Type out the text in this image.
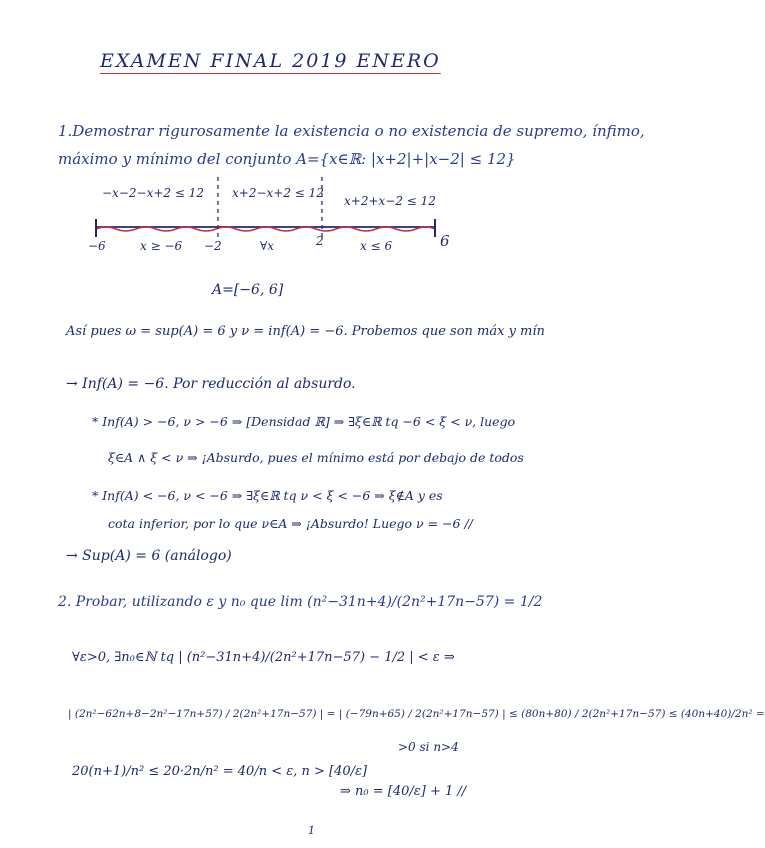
EXAMEN FINAL 2019 ENERO
1.Demostrar rigurosamente la existencia o no existencia de supremo, ínfimo,
máximo y mínimo del conjunto A={x∈ℝ: |x+2|+|x−2| ≤ 12}
−x−2−x+2 ≤ 12 x+2−x+2 ≤ 12
x+2+x−2 ≤ 12
−6	−2	2	6
x ≥ −6	∀x	x ≤ 6
A=[−6, 6]
Así pues ω = sup(A) = 6 y ν = inf(A) = −6. Probemos que son máx y mín
→ Inf(A) = −6. Por reducción al absurdo.
* Inf(A) > −6, ν > −6 ⇒ [Densidad ℝ] ⇒ ∃ξ∈ℝ tq −6 < ξ < ν, luego
ξ∈A ∧ ξ < ν ⇒ ¡Absurdo, pues el mínimo está por debajo de todos
* Inf(A) < −6, ν < −6 ⇒ ∃ξ∈ℝ tq ν < ξ < −6 ⇒ ξ∉A y es
cota inferior, por lo que ν∈A ⇒ ¡Absurdo! Luego ν = −6 //
→ Sup(A) = 6 (análogo)
2. Probar, utilizando ε y n₀ que lim (n²−31n+4)/(2n²+17n−57) = 1/2
∀ε>0, ∃n₀∈ℕ tq | (n²−31n+4)/(2n²+17n−57) − 1/2 | < ε ⇒
| (2n²−62n+8−2n²−17n+57) / 2(2n²+17n−57) | = | (−79n+65) / 2(2n²+17n−57) | ≤ (80n+80) / 2(2n²+17n−57) ≤ (40n+40)/2n² =
>0 si n>4
20(n+1)/n² ≤ 20·2n/n² = 40/n < ε, n > [40/ε]
⇒ n₀ = [40/ε] + 1 //
1
